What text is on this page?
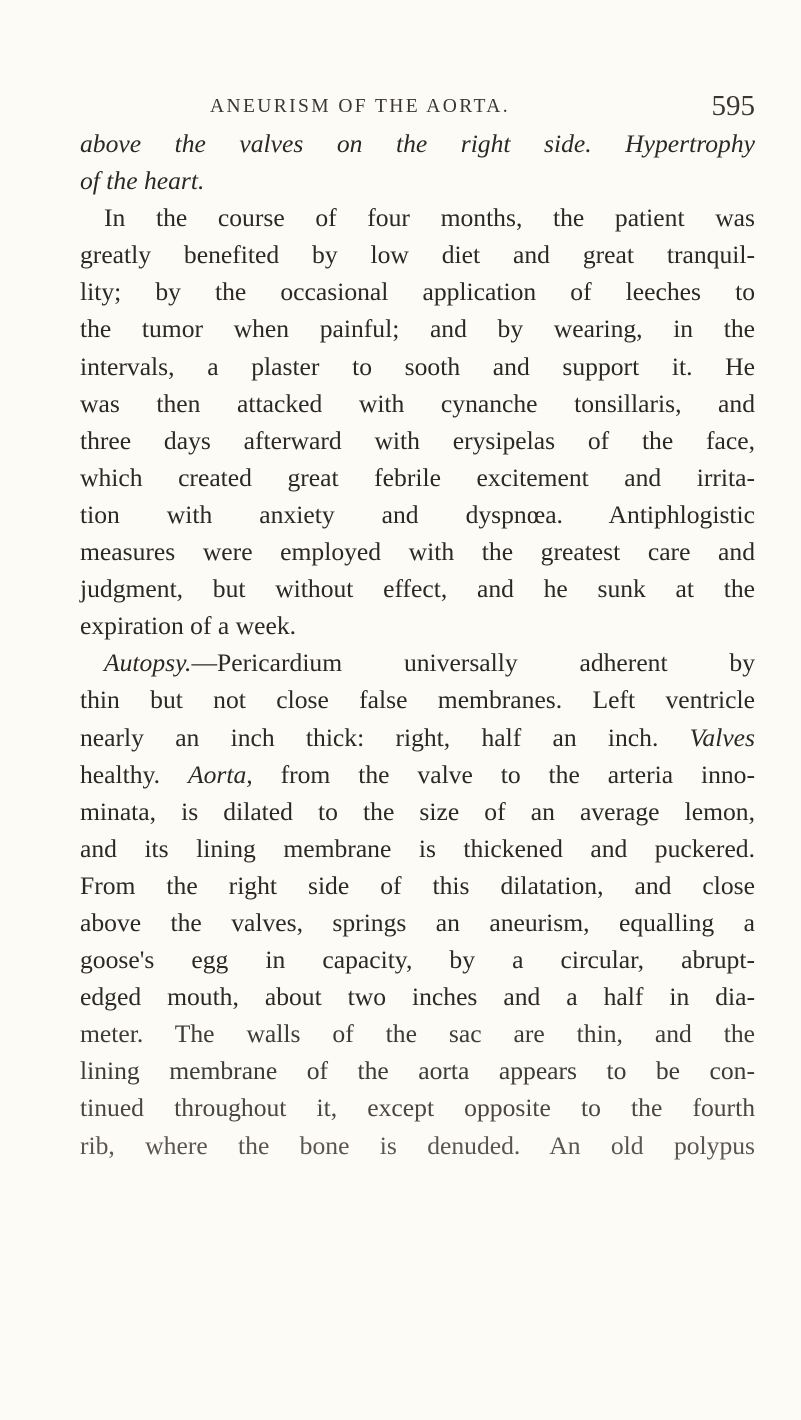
ANEURISM OF THE AORTA.	595
above the valves on the right side. Hypertrophy
of the heart.
In the course of four months, the patient was
greatly benefited by low diet and great tranquil-
lity; by the occasional application of leeches to
the tumor when painful; and by wearing, in the
intervals, a plaster to sooth and support it. He
was then attacked with cynanche tonsillaris, and
three days afterward with erysipelas of the face,
which created great febrile excitement and irrita-
tion with anxiety and dyspnœa. Antiphlogistic
measures were employed with the greatest care and
judgment, but without effect, and he sunk at the
expiration of a week.
Autopsy.—Pericardium universally adherent by
thin but not close false membranes. Left ventricle
nearly an inch thick: right, half an inch. Valves
healthy. Aorta, from the valve to the arteria inno-
minata, is dilated to the size of an average lemon,
and its lining membrane is thickened and puckered.
From the right side of this dilatation, and close
above the valves, springs an aneurism, equalling a
goose's egg in capacity, by a circular, abrupt-
edged mouth, about two inches and a half in dia-
meter. The walls of the sac are thin, and the
lining membrane of the aorta appears to be con-
tinued throughout it, except opposite to the fourth
rib, where the bone is denuded. An old polypus
